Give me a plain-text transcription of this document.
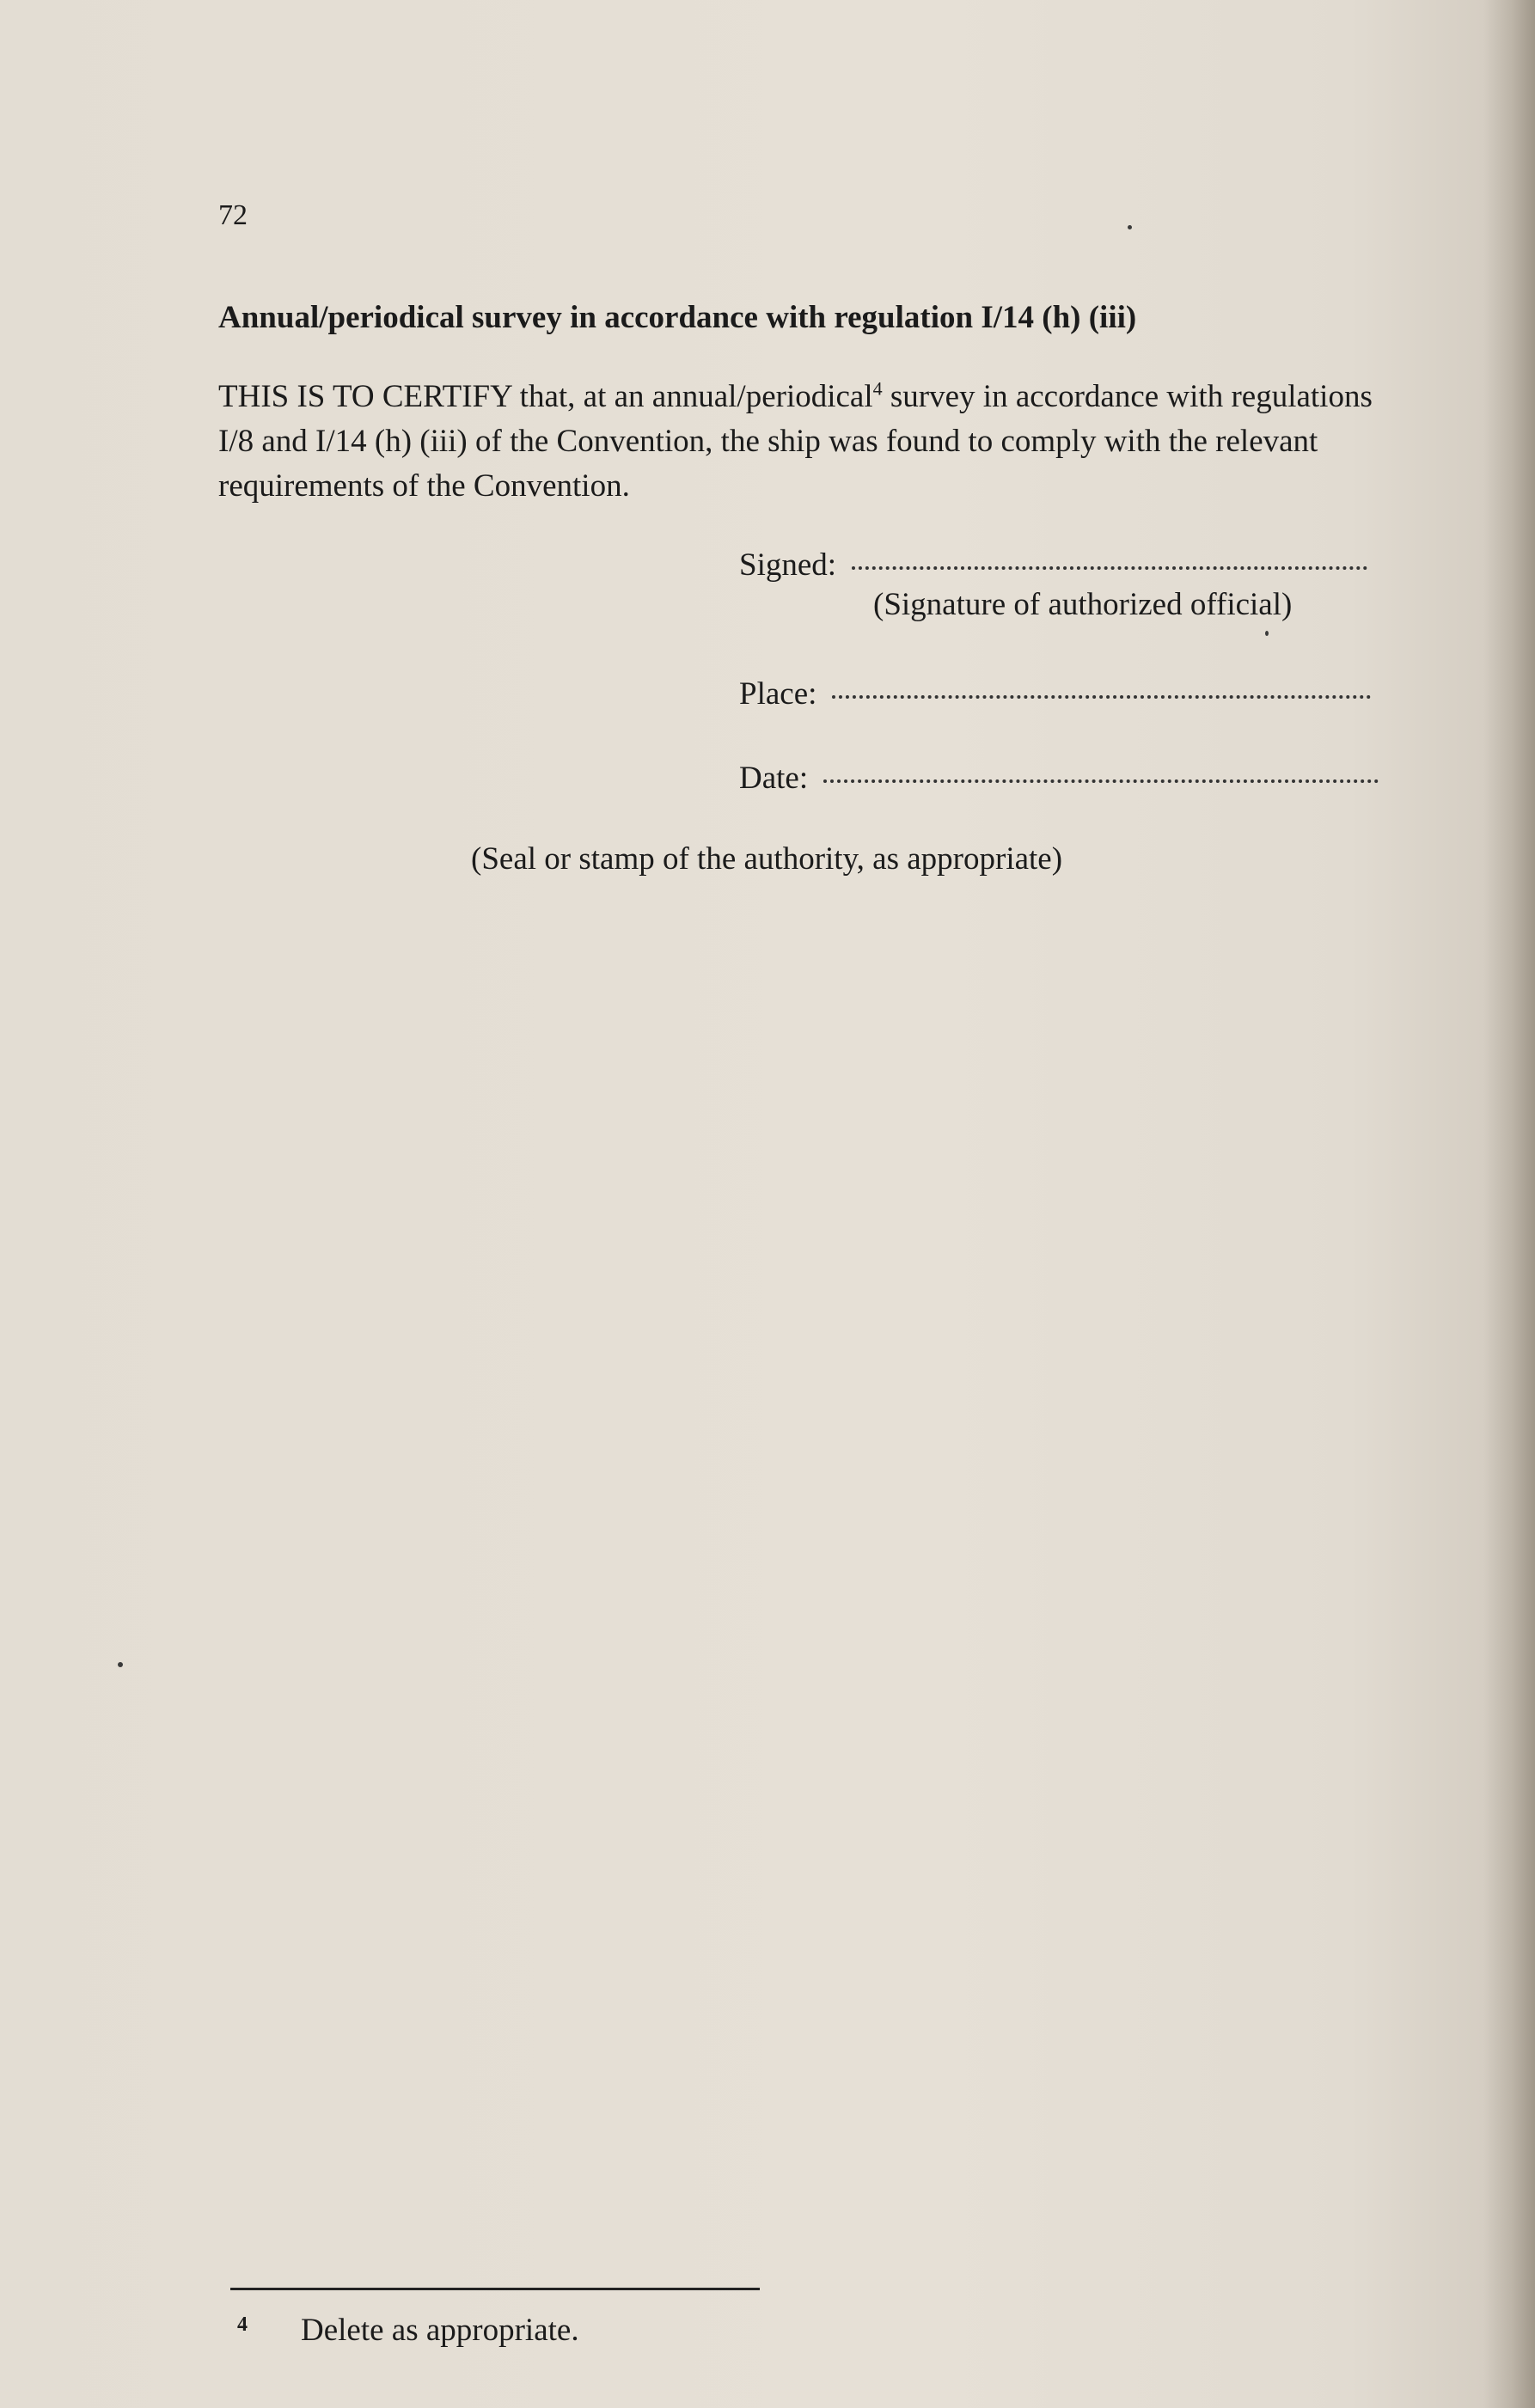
72
Annual/periodical survey in accordance with regulation I/14 (h) (iii)
THIS IS TO CERTIFY that, at an annual/periodical$^4$ survey in accordance with regulations I/8 and I/14 (h) (iii) of the Convention, the ship was found to comply with the relevant requirements of the Convention.
Signed:
(Signature of authorized official)
Place:
Date:
(Seal or stamp of the authority, as appropriate)
4 Delete as appropriate.
